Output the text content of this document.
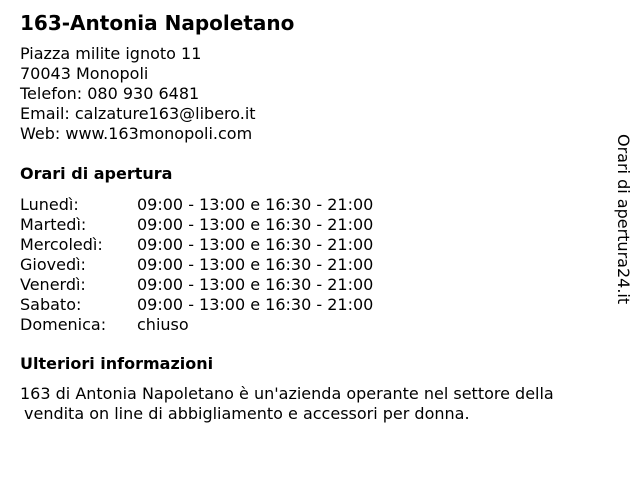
163-Antonia Napoletano
Piazza milite ignoto 11
70043 Monopoli
Telefon: 080 930 6481
Email: calzature163@libero.it
Web: www.163monopoli.com
Orari di apertura
Lunedì:	09:00 - 13:00 e 16:30 - 21:00
Martedì:	09:00 - 13:00 e 16:30 - 21:00
Mercoledì: 09:00 - 13:00 e 16:30 - 21:00
Giovedì:	09:00 - 13:00 e 16:30 - 21:00
Venerdì:	09:00 - 13:00 e 16:30 - 21:00
Sabato:	09:00 - 13:00 e 16:30 - 21:00
Domenica: chiuso
Ulteriori informazioni
163 di Antonia Napoletano è un'azienda operante nel settore della
vendita on line di abbigliamento e accessori per donna.
Orari di apertura24.it
